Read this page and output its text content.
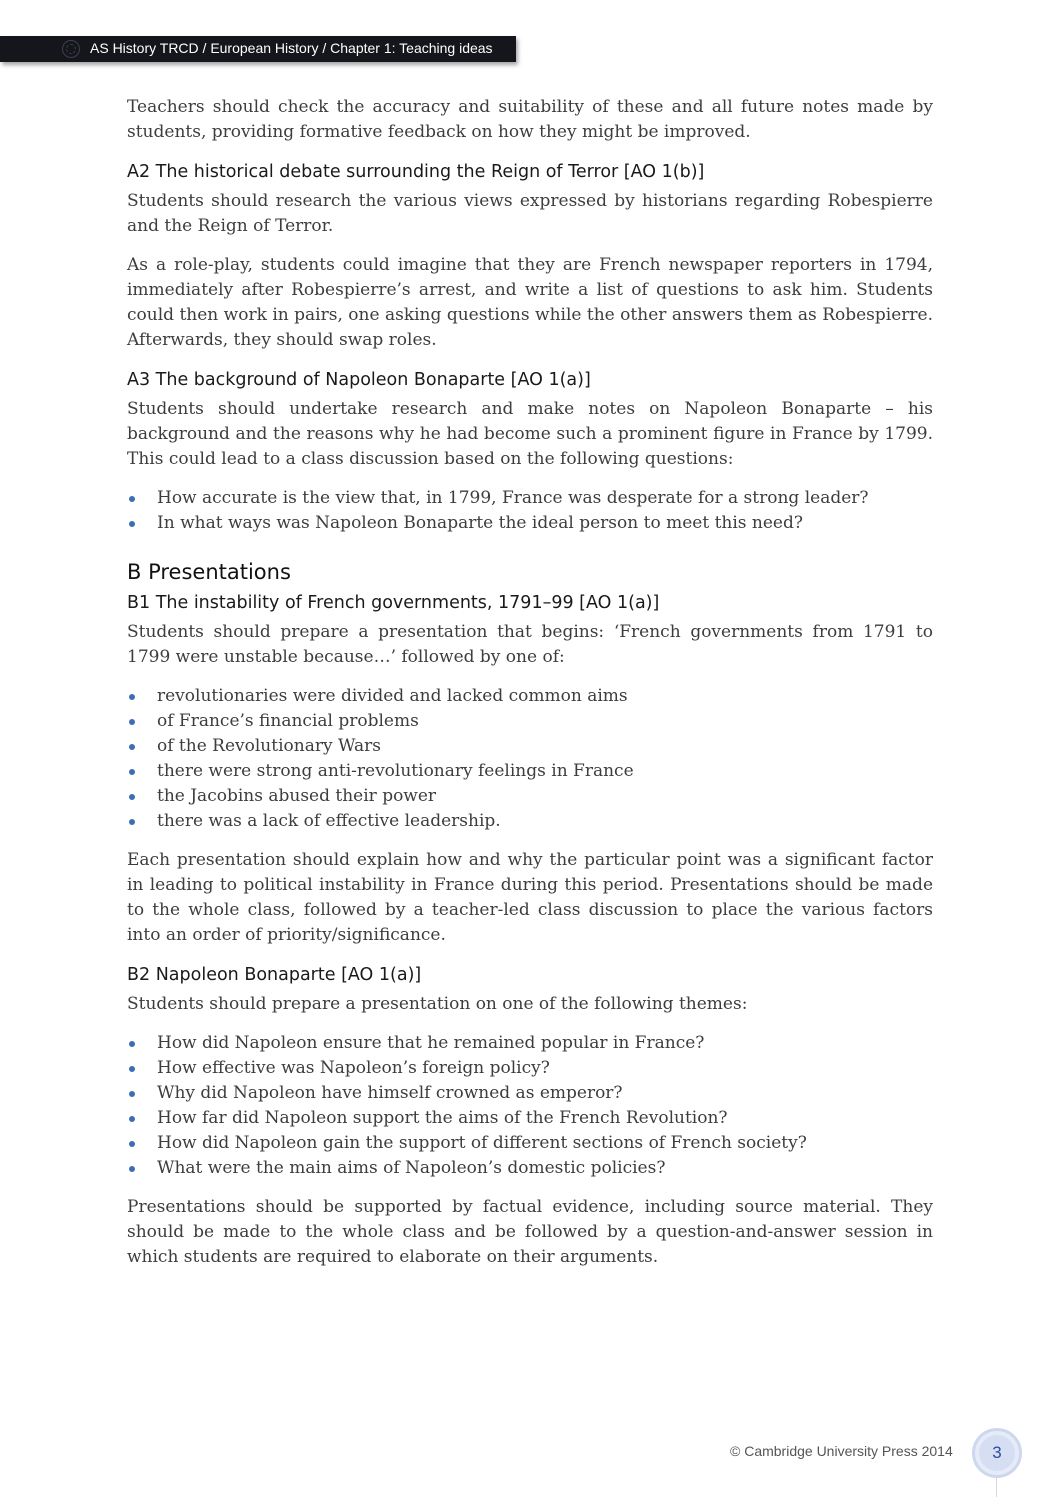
AS History TRCD / European History / Chapter 1: Teaching ideas

Teachers should check the accuracy and suitability of these and all future notes made by students, providing formative feedback on how they might be improved.

A2 The historical debate surrounding the Reign of Terror [AO 1(b)]

Students should research the various views expressed by historians regarding Robespierre and the Reign of Terror.

As a role-play, students could imagine that they are French newspaper reporters in 1794, immediately after Robespierre’s arrest, and write a list of questions to ask him. Students could then work in pairs, one asking questions while the other answers them as Robespierre. Afterwards, they should swap roles.

A3 The background of Napoleon Bonaparte [AO 1(a)]

Students should undertake research and make notes on Napoleon Bonaparte – his background and the reasons why he had become such a prominent figure in France by 1799. This could lead to a class discussion based on the following questions:

How accurate is the view that, in 1799, France was desperate for a strong leader?
In what ways was Napoleon Bonaparte the ideal person to meet this need?
B Presentations
B1 The instability of French governments, 1791–99 [AO 1(a)]

Students should prepare a presentation that begins: ‘French governments from 1791 to 1799 were unstable because…’ followed by one of:

revolutionaries were divided and lacked common aims
of France’s financial problems
of the Revolutionary Wars
there were strong anti-revolutionary feelings in France
the Jacobins abused their power
there was a lack of effective leadership.

Each presentation should explain how and why the particular point was a significant factor in leading to political instability in France during this period. Presentations should be made to the whole class, followed by a teacher-led class discussion to place the various factors into an order of priority/significance.

B2 Napoleon Bonaparte [AO 1(a)]

Students should prepare a presentation on one of the following themes:

How did Napoleon ensure that he remained popular in France?
How effective was Napoleon’s foreign policy?
Why did Napoleon have himself crowned as emperor?
How far did Napoleon support the aims of the French Revolution?
How did Napoleon gain the support of different sections of French society?
What were the main aims of Napoleon’s domestic policies?

Presentations should be supported by factual evidence, including source material. They should be made to the whole class and be followed by a question-and-answer session in which students are required to elaborate on their arguments.

© Cambridge University Press 2014	3
